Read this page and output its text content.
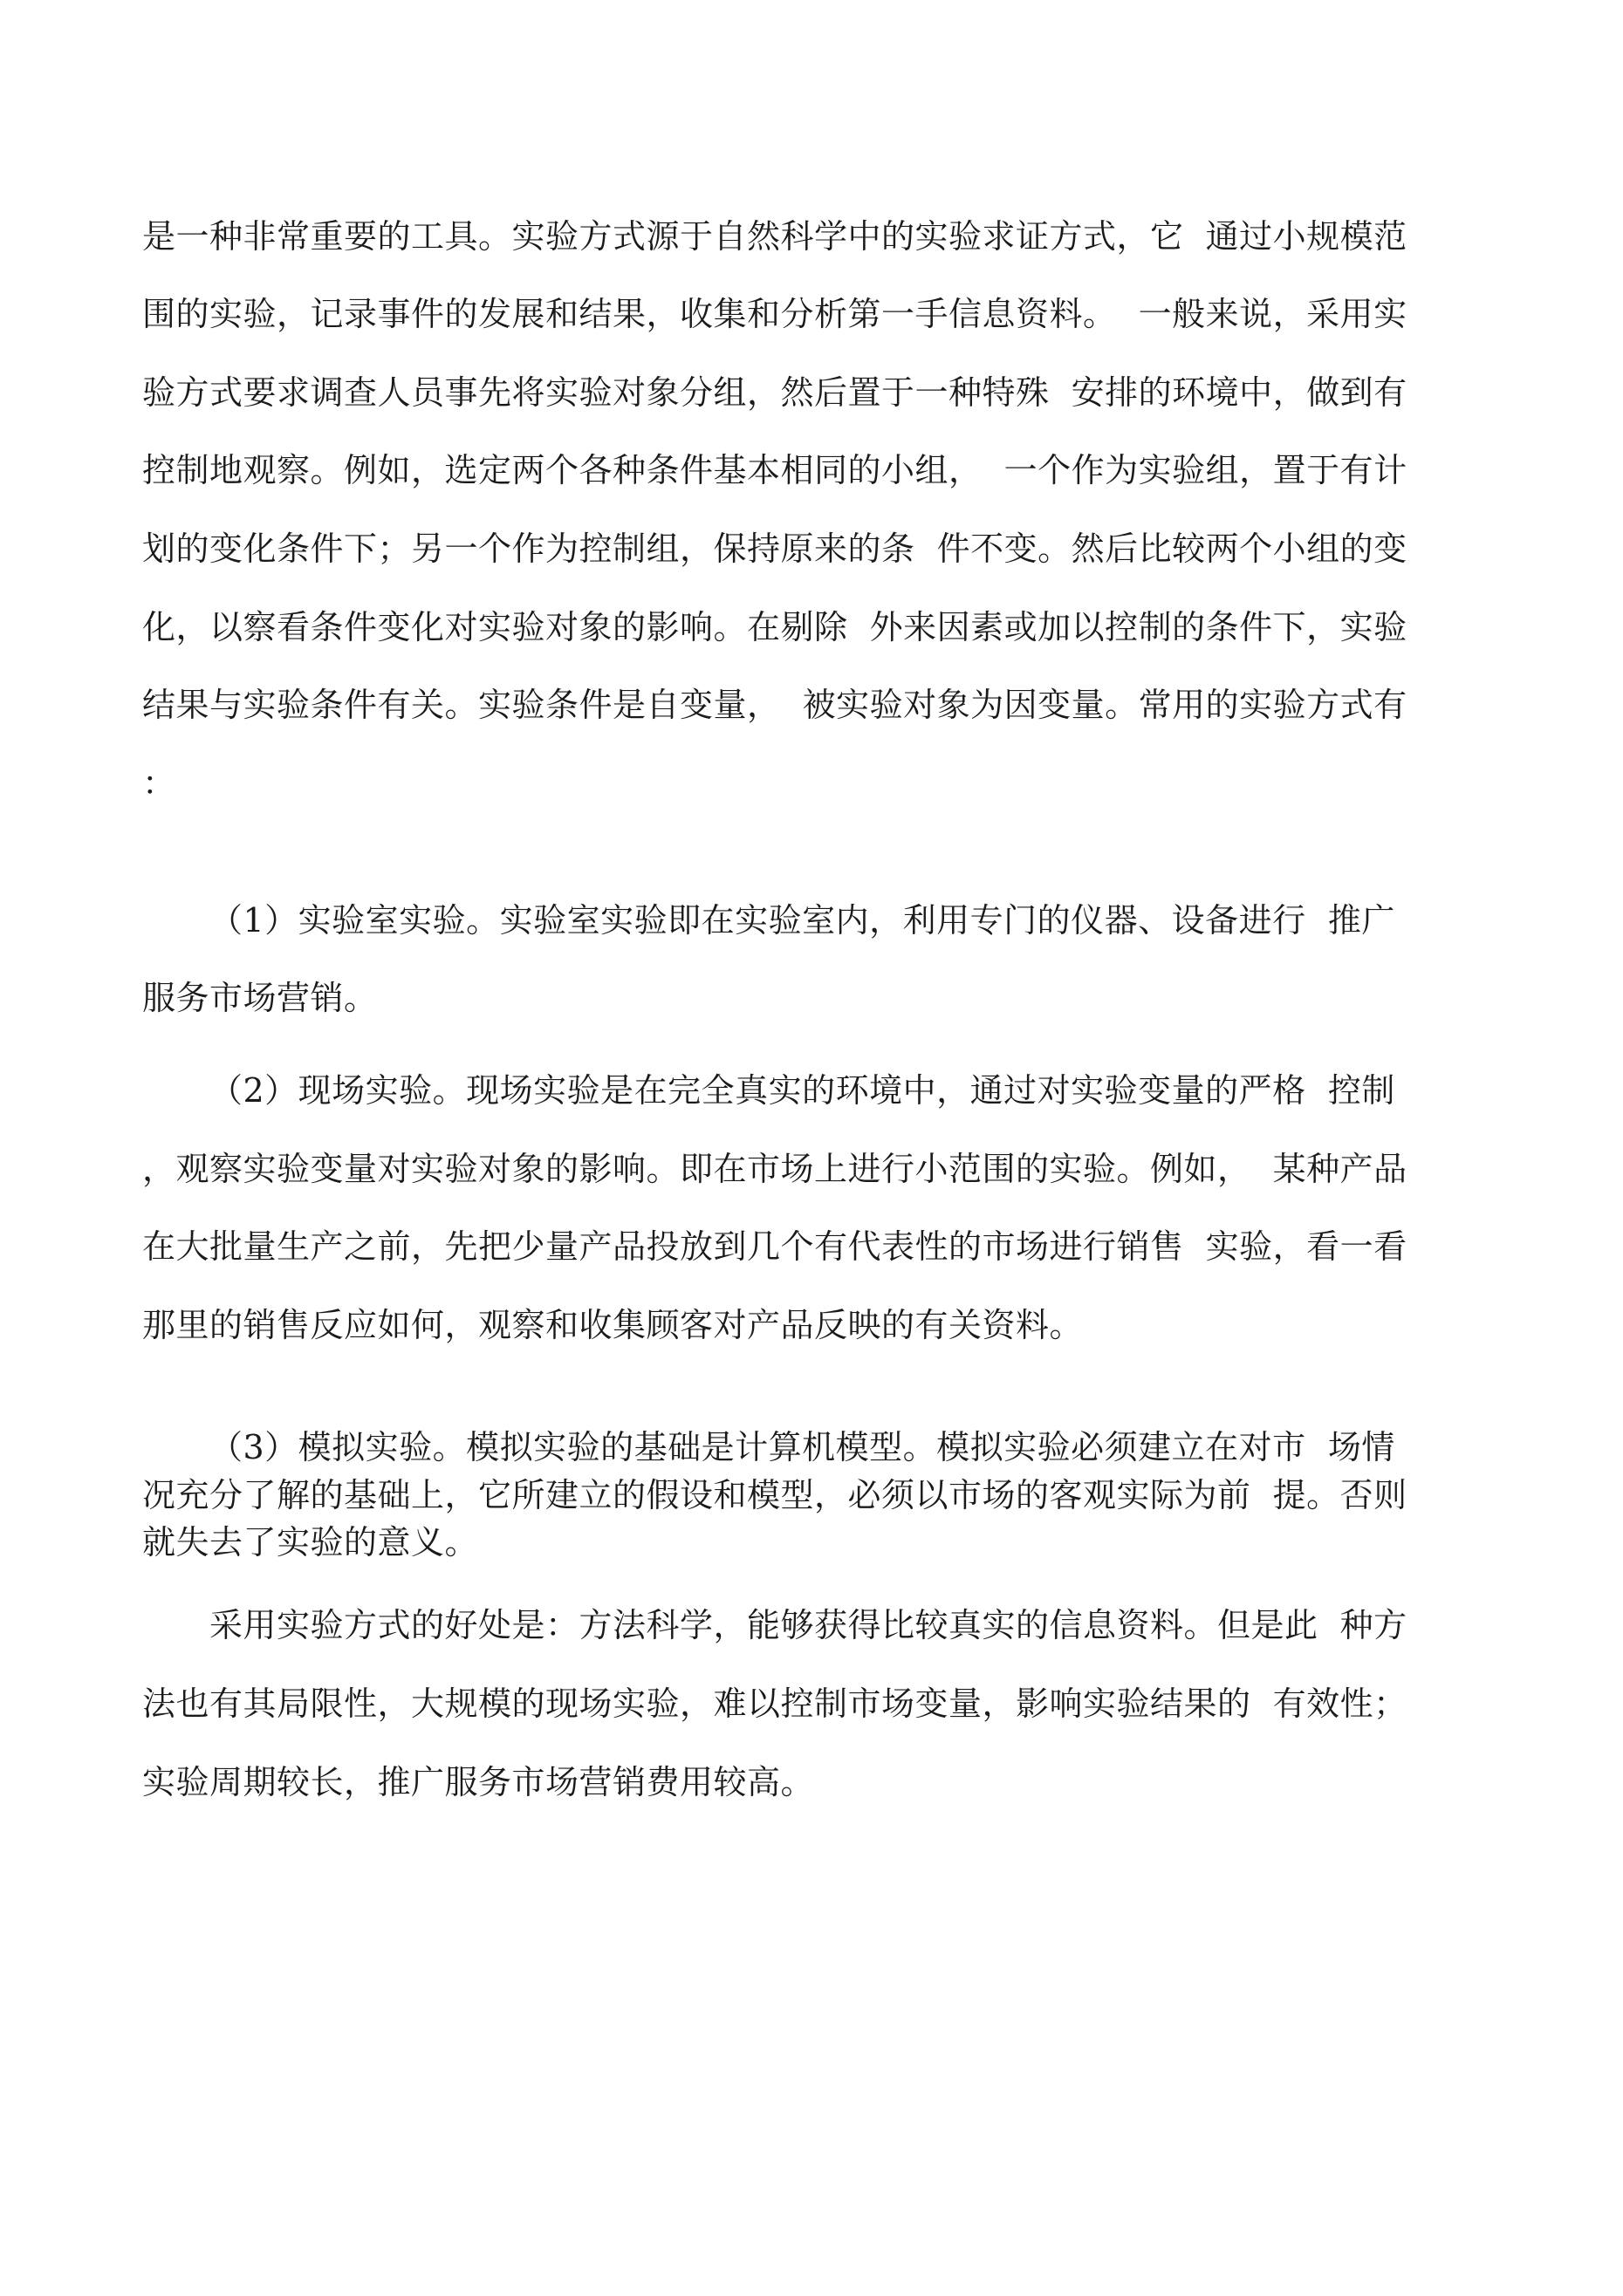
是一种非常重要的工具。实验方式源于自然科学中的实验求证方式，它  通过小规模范
围的实验，记录事件的发展和结果，收集和分析第一手信息资料。  一般来说，采用实
验方式要求调查人员事先将实验对象分组，然后置于一种特殊  安排的环境中，做到有
控制地观察。例如，选定两个各种条件基本相同的小组，  一个作为实验组，置于有计
划的变化条件下；另一个作为控制组，保持原来的条  件不变。然后比较两个小组的变
化，以察看条件变化对实验对象的影响。在剔除  外来因素或加以控制的条件下，实验
结果与实验条件有关。实验条件是自变量，  被实验对象为因变量。常用的实验方式有
：
（1）实验室实验。实验室实验即在实验室内，利用专门的仪器、设备进行  推广
服务市场营销。
（2）现场实验。现场实验是在完全真实的环境中，通过对实验变量的严格  控制
，观察实验变量对实验对象的影响。即在市场上进行小范围的实验。例如，  某种产品
在大批量生产之前，先把少量产品投放到几个有代表性的市场进行销售  实验，看一看
那里的销售反应如何，观察和收集顾客对产品反映的有关资料。
（3）模拟实验。模拟实验的基础是计算机模型。模拟实验必须建立在对市  场情
况充分了解的基础上，它所建立的假设和模型，必须以市场的客观实际为前  提。否则
就失去了实验的意义。
采用实验方式的好处是：方法科学，能够获得比较真实的信息资料。但是此  种方
法也有其局限性，大规模的现场实验，难以控制市场变量，影响实验结果的  有效性；
实验周期较长，推广服务市场营销费用较高。
